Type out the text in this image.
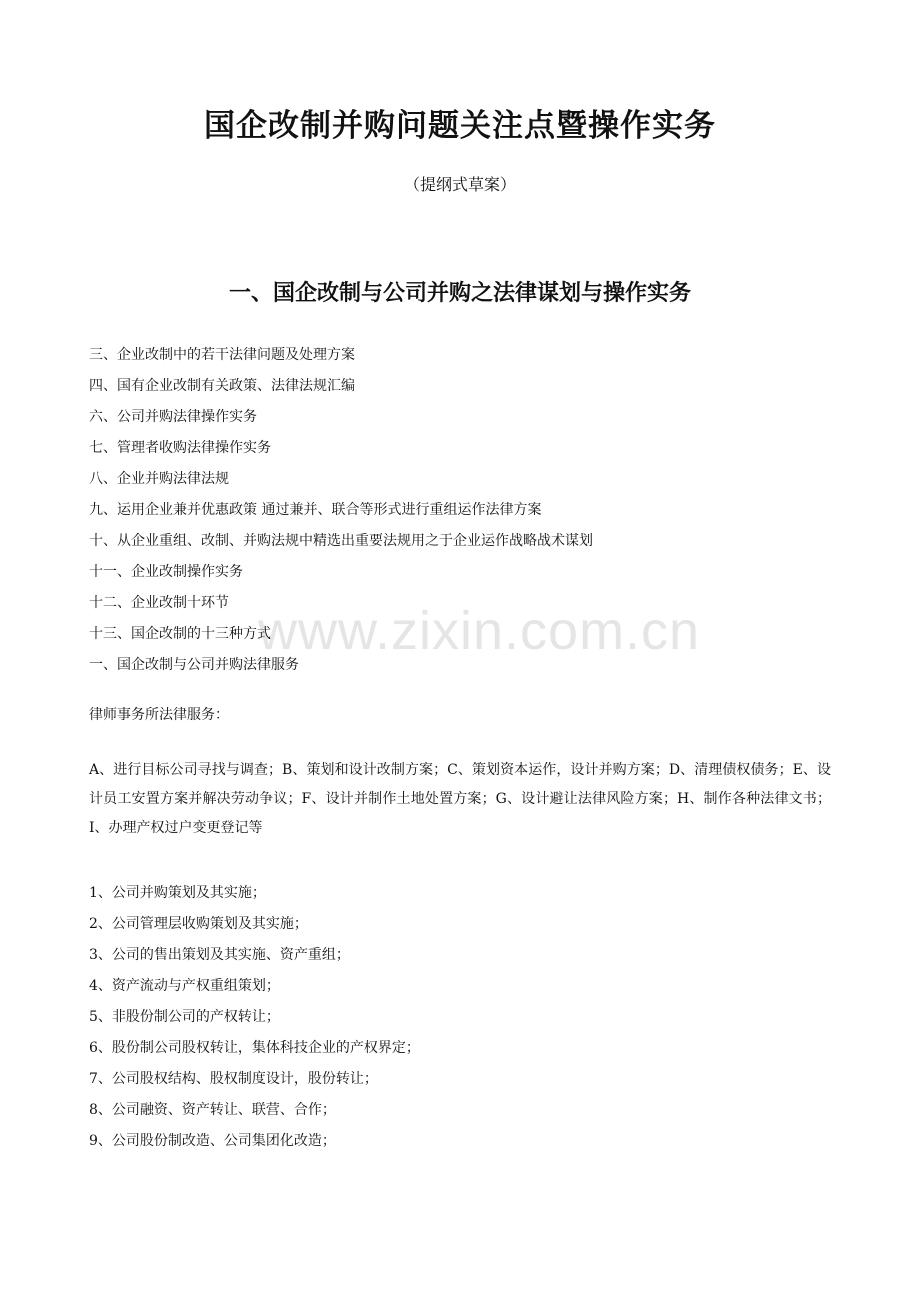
国企改制并购问题关注点暨操作实务
（提纲式草案）
一、国企改制与公司并购之法律谋划与操作实务
三、企业改制中的若干法律问题及处理方案
四、国有企业改制有关政策、法律法规汇编
六、公司并购法律操作实务
七、管理者收购法律操作实务
八、企业并购法律法规
九、运用企业兼并优惠政策 通过兼并、联合等形式进行重组运作法律方案
十、从企业重组、改制、并购法规中精选出重要法规用之于企业运作战略战术谋划
十一、企业改制操作实务
十二、企业改制十环节
十三、国企改制的十三种方式
一、国企改制与公司并购法律服务
律师事务所法律服务：
A、进行目标公司寻找与调查；B、策划和设计改制方案；C、策划资本运作，设计并购方案；D、清理债权债务；E、设计员工安置方案并解决劳动争议；F、设计并制作土地处置方案；G、设计避让法律风险方案；H、制作各种法律文书；I、办理产权过户变更登记等
1、公司并购策划及其实施；
2、公司管理层收购策划及其实施；
3、公司的售出策划及其实施、资产重组；
4、资产流动与产权重组策划；
5、非股份制公司的产权转让；
6、股份制公司股权转让，集体科技企业的产权界定；
7、公司股权结构、股权制度设计，股份转让；
8、公司融资、资产转让、联营、合作；
9、公司股份制改造、公司集团化改造；
www.zixin.com.cn
